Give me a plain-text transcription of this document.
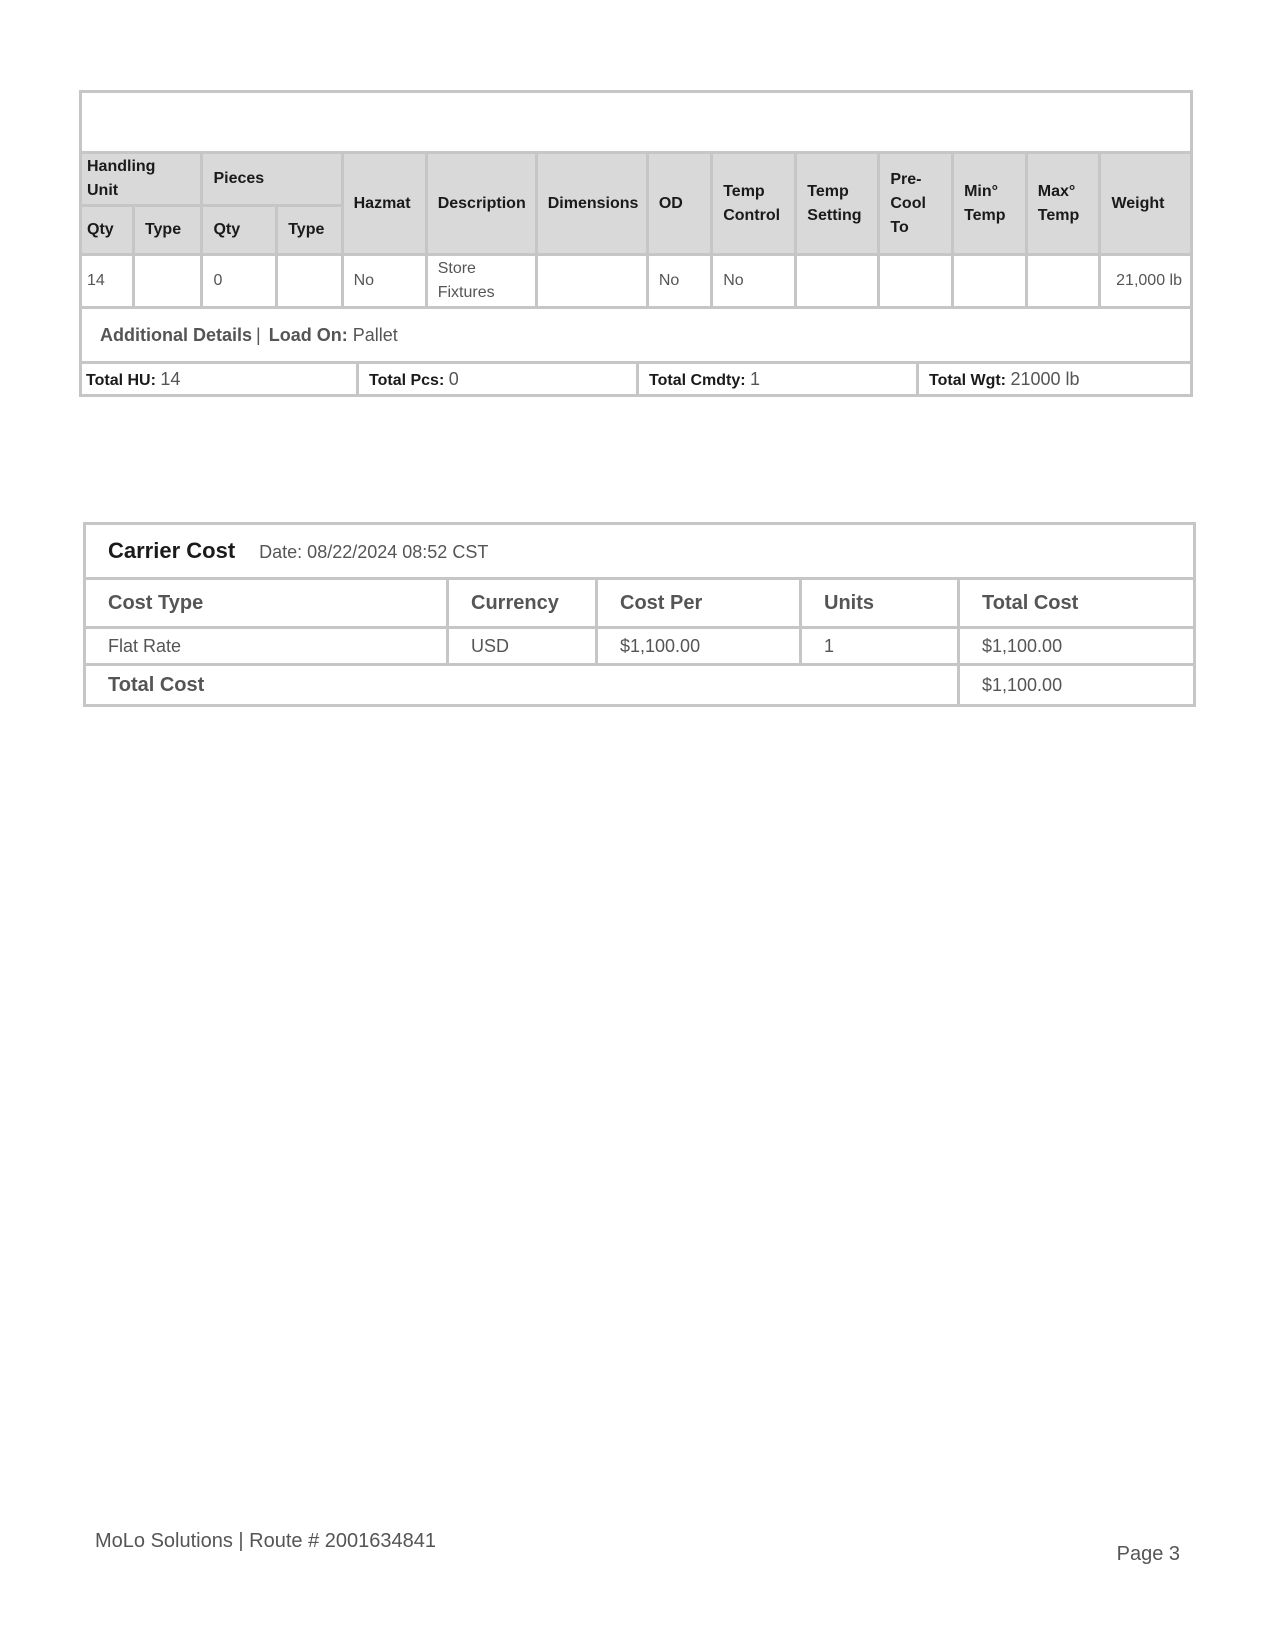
Handling Unit		Pieces		Hazmat	Description	Dimensions	OD	Temp Control	Temp Setting	Pre-Cool To	Min° Temp	Max° Temp	Weight
Qty	Type	Qty	Type										
14		0		No	Store Fixtures		No	No					21,000 lb
Additional Details | Load On: Pallet													
Total HU: 14	Total Pcs: 0	Total Cmdty: 1	Total Wgt: 21000 lb
Carrier Cost Date: 08/22/2024 08:52 CST				
Cost Type	Currency	Cost Per	Units	Total Cost
Flat Rate	USD	$1,100.00	1	$1,100.00
Total Cost				$1,100.00
MoLo Solutions | Route # 2001634841
Page 3
